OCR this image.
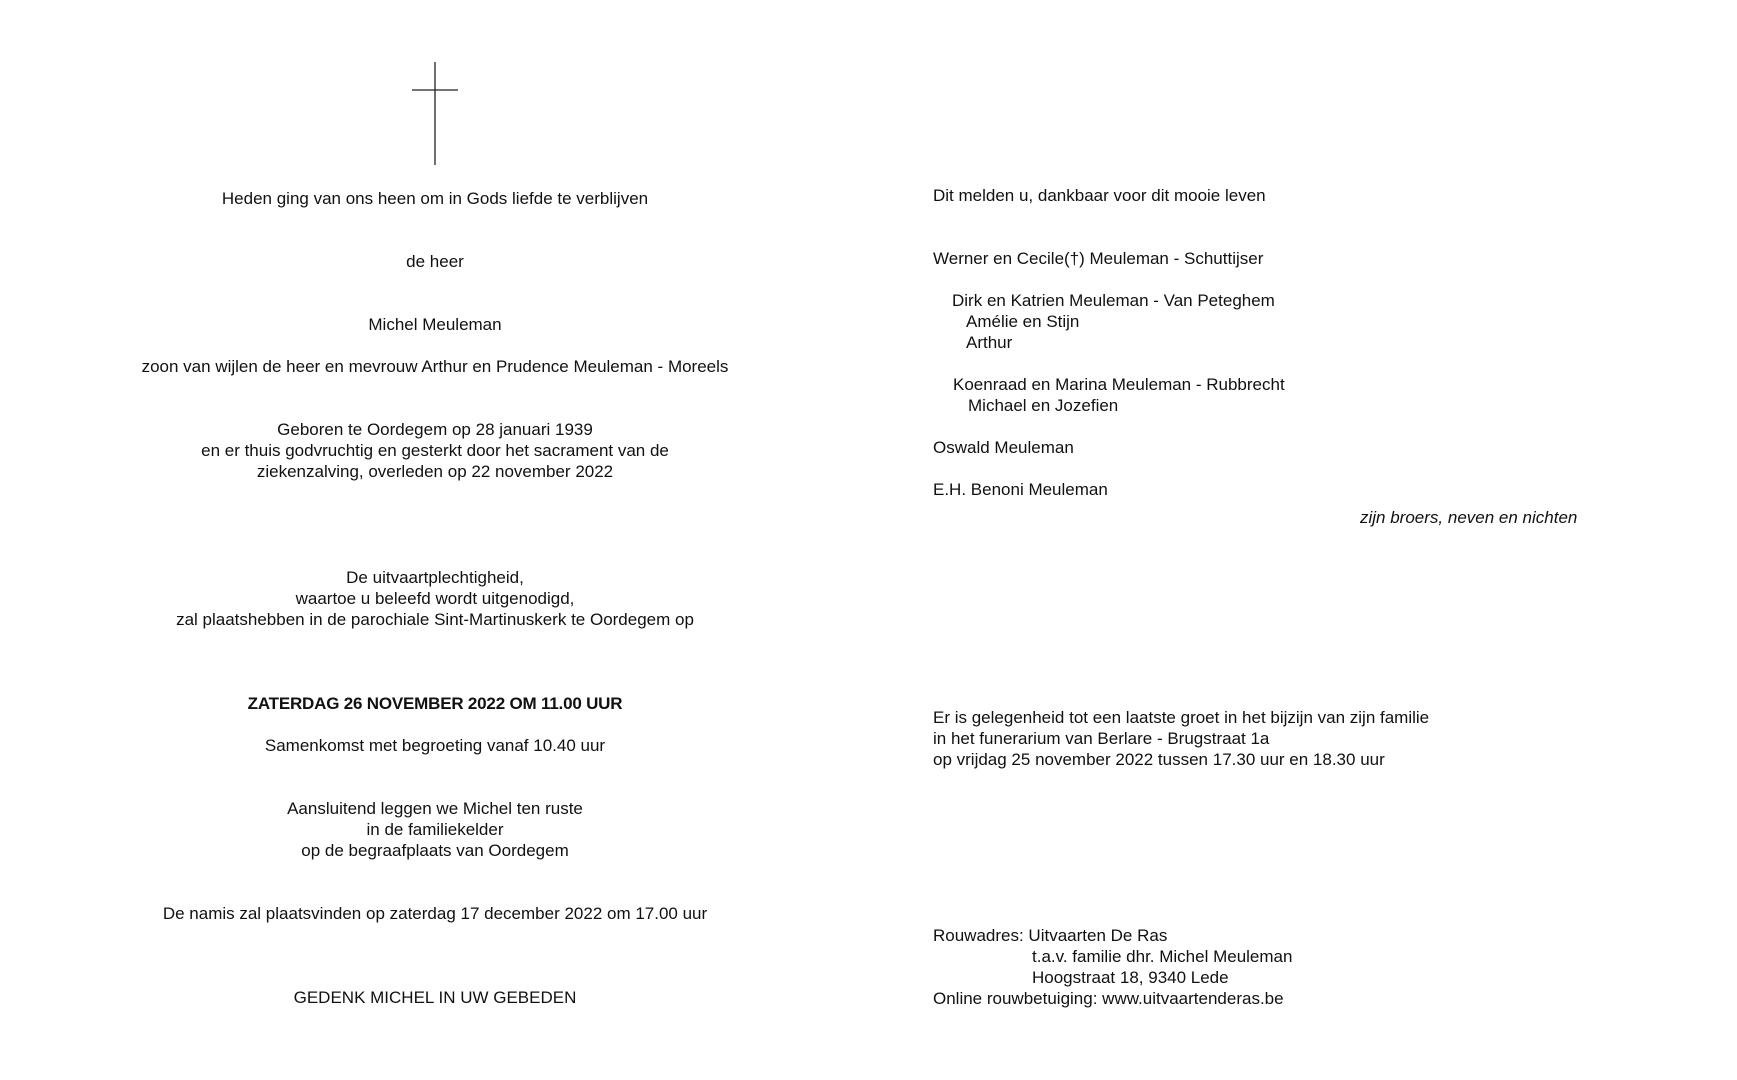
Heden ging van ons heen om in Gods liefde te verblijven
de heer
Michel Meuleman
zoon van wijlen de heer en mevrouw Arthur en Prudence Meuleman - Moreels
Geboren te Oordegem op 28 januari 1939
en er thuis godvruchtig en gesterkt door het sacrament van de
ziekenzalving, overleden op 22 november 2022
De uitvaartplechtigheid,
waartoe u beleefd wordt uitgenodigd,
zal plaatshebben in de parochiale Sint-Martinuskerk te Oordegem op
ZATERDAG 26 NOVEMBER 2022 OM 11.00 UUR
Samenkomst met begroeting vanaf 10.40 uur
Aansluitend leggen we Michel ten ruste
in de familiekelder
op de begraafplaats van Oordegem
De namis zal plaatsvinden op zaterdag 17 december 2022 om 17.00 uur
GEDENK MICHEL IN UW GEBEDEN
Dit melden u, dankbaar voor dit mooie leven
Werner en Cecile(†) Meuleman - Schuttijser
Dirk en Katrien Meuleman - Van Peteghem
Amélie en Stijn
Arthur
Koenraad en Marina Meuleman - Rubbrecht
Michael en Jozefien
Oswald Meuleman
E.H. Benoni Meuleman
zijn broers, neven en nichten
Er is gelegenheid tot een laatste groet in het bijzijn van zijn familie
in het funerarium van Berlare - Brugstraat 1a
op vrijdag 25 november 2022 tussen 17.30 uur en 18.30 uur
Rouwadres: Uitvaarten De Ras
t.a.v. familie dhr. Michel Meuleman
Hoogstraat 18, 9340 Lede
Online rouwbetuiging: www.uitvaartenderas.be
